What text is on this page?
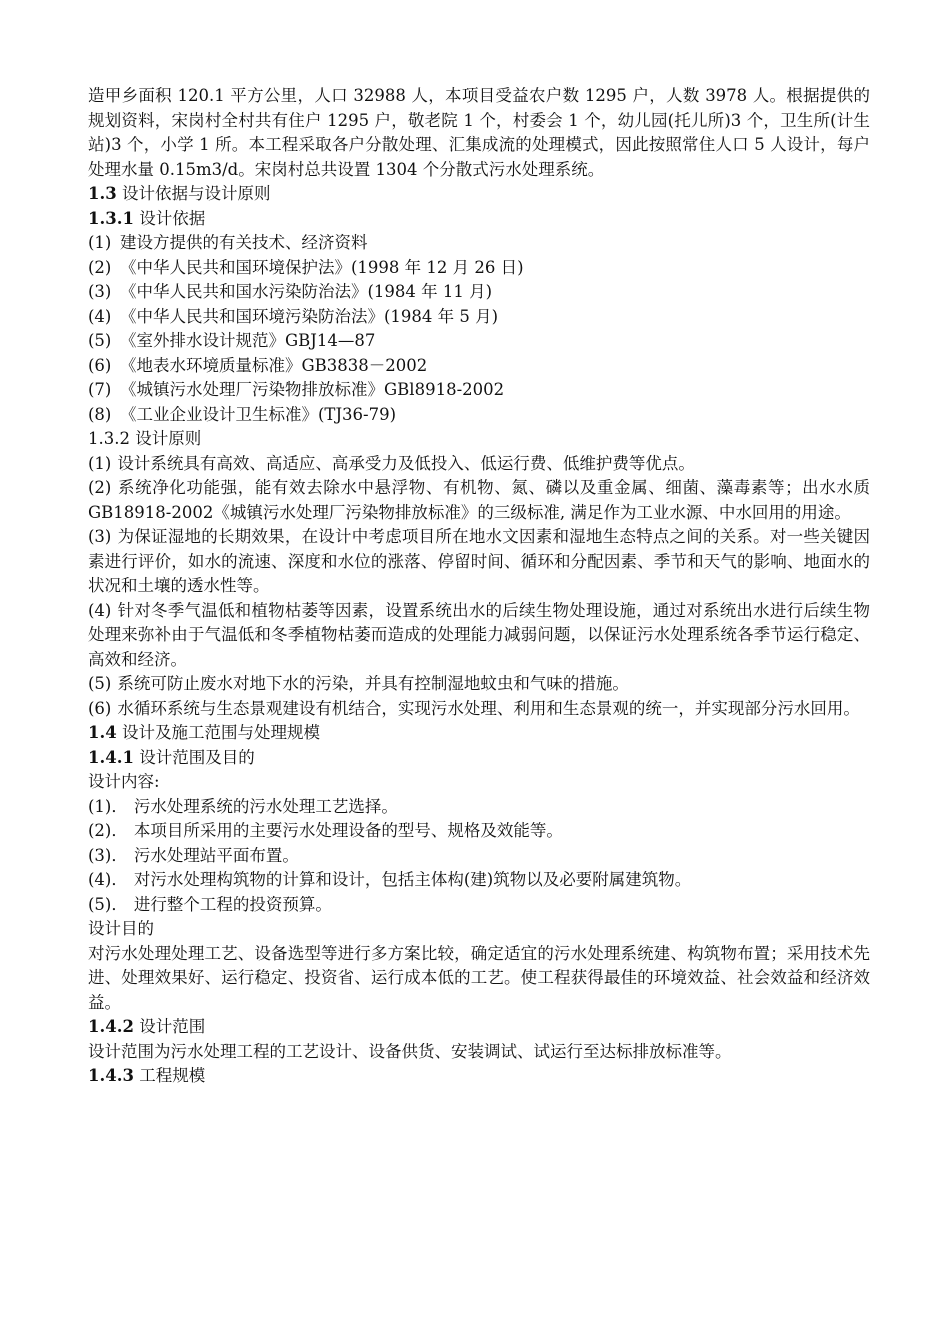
造甲乡面积 120.1 平方公里，人口 32988 人，本项目受益农户数 1295 户，人数 3978 人。根据提供的规划资料，宋岗村全村共有住户 1295 户，敬老院 1 个，村委会 1 个，幼儿园(托儿所)3 个，卫生所(计生站)3 个，小学 1 所。本工程采取各户分散处理、汇集成流的处理模式，因此按照常住人口 5 人设计，每户处理水量 0.15m3/d。宋岗村总共设置 1304 个分散式污水处理系统。

1.3 设计依据与设计原则

1.3.1 设计依据

(1) 建设方提供的有关技术、经济资料

(2) 《中华人民共和国环境保护法》(1998 年 12 月 26 日)

(3) 《中华人民共和国水污染防治法》(1984 年 11 月)

(4) 《中华人民共和国环境污染防治法》(1984 年 5 月)

(5) 《室外排水设计规范》GBJ14—87

(6) 《地表水环境质量标准》GB3838－2002

(7) 《城镇污水处理厂污染物排放标准》GBl8918-2002

(8) 《工业企业设计卫生标准》(TJ36-79)

1.3.2 设计原则

(1) 设计系统具有高效、高适应、高承受力及低投入、低运行费、低维护费等优点。

(2) 系统净化功能强，能有效去除水中悬浮物、有机物、氮、磷以及重金属、细菌、藻毒素等；出水水质 GB18918-2002《城镇污水处理厂污染物排放标准》的三级标准, 满足作为工业水源、中水回用的用途。

(3) 为保证湿地的长期效果，在设计中考虑项目所在地水文因素和湿地生态特点之间的关系。对一些关键因素进行评价，如水的流速、深度和水位的涨落、停留时间、循环和分配因素、季节和天气的影响、地面水的状况和土壤的透水性等。

(4) 针对冬季气温低和植物枯萎等因素，设置系统出水的后续生物处理设施，通过对系统出水进行后续生物处理来弥补由于气温低和冬季植物枯萎而造成的处理能力减弱问题，以保证污水处理系统各季节运行稳定、高效和经济。

(5) 系统可防止废水对地下水的污染，并具有控制湿地蚊虫和气味的措施。

(6) 水循环系统与生态景观建设有机结合，实现污水处理、利用和生态景观的统一，并实现部分污水回用。

1.4 设计及施工范围与处理规模

1.4.1 设计范围及目的

设计内容:

(1)． 污水处理系统的污水处理工艺选择。

(2)． 本项目所采用的主要污水处理设备的型号、规格及效能等。

(3)． 污水处理站平面布置。

(4)． 对污水处理构筑物的计算和设计，包括主体构(建)筑物以及必要附属建筑物。

(5)． 进行整个工程的投资预算。

设计目的

对污水处理处理工艺、设备选型等进行多方案比较，确定适宜的污水处理系统建、构筑物布置；采用技术先进、处理效果好、运行稳定、投资省、运行成本低的工艺。使工程获得最佳的环境效益、社会效益和经济效益。

1.4.2 设计范围

设计范围为污水处理工程的工艺设计、设备供货、安装调试、试运行至达标排放标准等。

1.4.3 工程规模
